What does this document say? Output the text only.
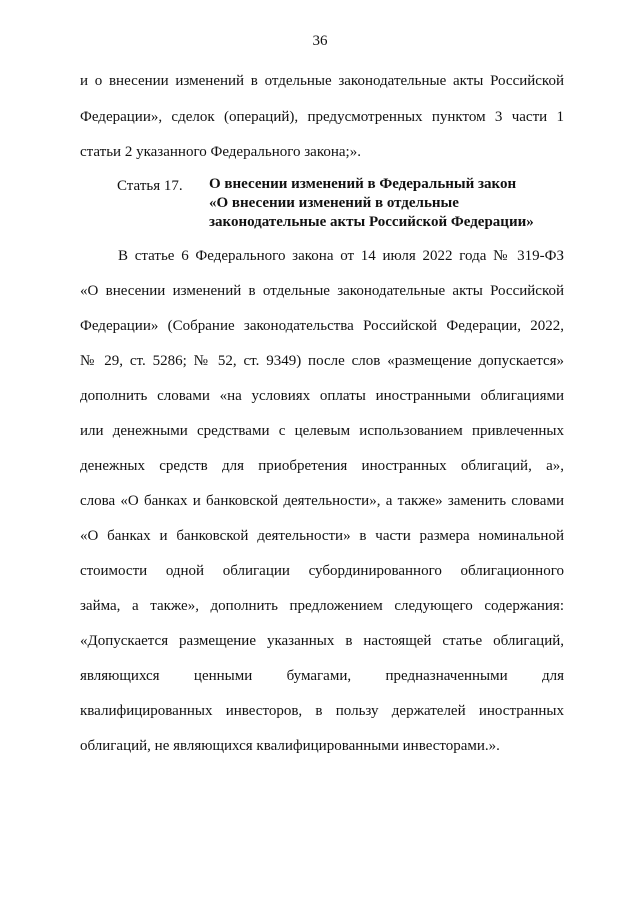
36
и о внесении изменений в отдельные законодательные акты Российской
Федерации», сделок (операций), предусмотренных пунктом 3 части 1
статьи 2 указанного Федерального закона;».
Статья 17. О внесении изменений в Федеральный закон
«О внесении изменений в отдельные
законодательные акты Российской Федерации»
В статье 6 Федерального закона от 14 июля 2022 года № 319-ФЗ
«О внесении изменений в отдельные законодательные акты Российской
Федерации» (Собрание законодательства Российской Федерации, 2022,
№ 29, ст. 5286; № 52, ст. 9349) после слов «размещение допускается»
дополнить словами «на условиях оплаты иностранными облигациями
или денежными средствами с целевым использованием привлеченных
денежных средств для приобретения иностранных облигаций, а»,
слова «О банках и банковской деятельности», а также» заменить словами
«О банках и банковской деятельности» в части размера номинальной
стоимости одной облигации субординированного облигационного
займа, а также», дополнить предложением следующего содержания:
«Допускается размещение указанных в настоящей статье облигаций,
являющихся ценными бумагами, предназначенными для
квалифицированных инвесторов, в пользу держателей иностранных
облигаций, не являющихся квалифицированными инвесторами.».
